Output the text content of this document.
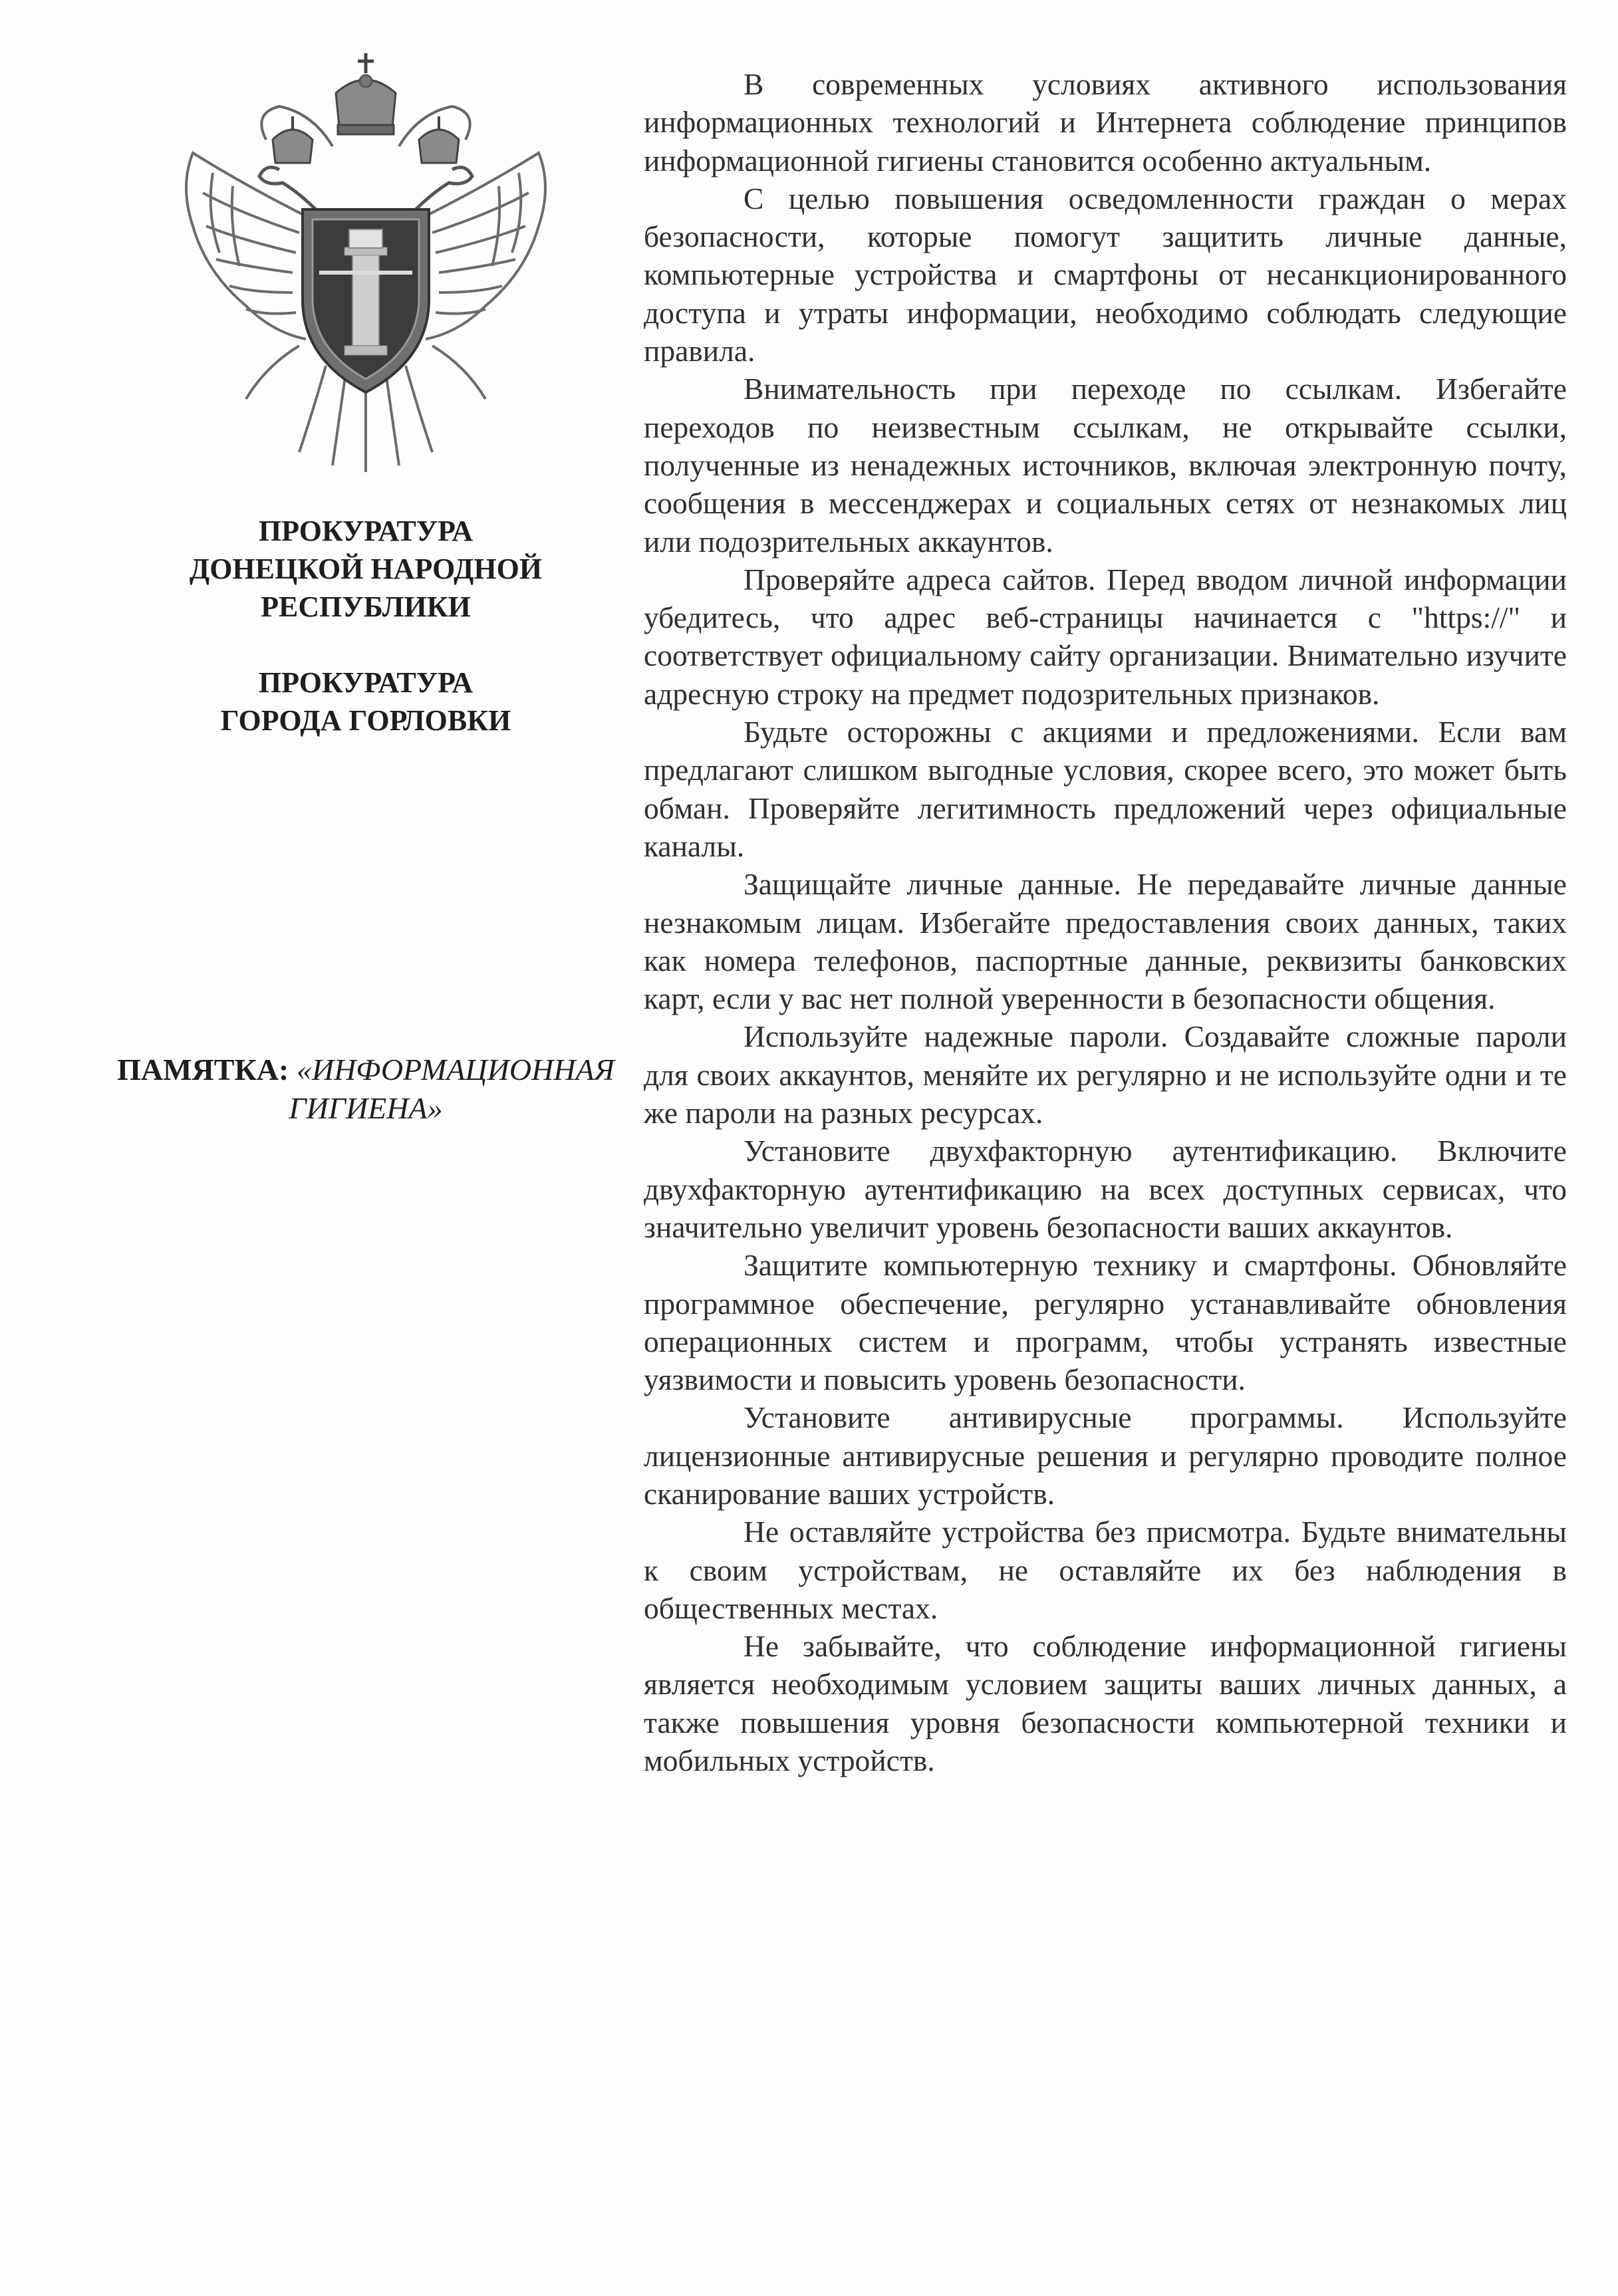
ПРОКУРАТУРА
ДОНЕЦКОЙ НАРОДНОЙ
РЕСПУБЛИКИ
ПРОКУРАТУРА
ГОРОДА ГОРЛОВКИ
ПАМЯТКА: «ИНФОРМАЦИОННАЯ
ГИГИЕНА»

В современных условиях активного использования информационных технологий и Интернета соблюдение принципов информационной гигиены становится особенно актуальным.

С целью повышения осведомленности граждан о мерах безопасности, которые помогут защитить личные данные, компьютерные устройства и смартфоны от несанкционированного доступа и утраты информации, необходимо соблюдать следующие правила.

Внимательность при переходе по ссылкам. Избегайте переходов по неизвестным ссылкам, не открывайте ссылки, полученные из ненадежных источников, включая электронную почту, сообщения в мессенджерах и социальных сетях от незнакомых лиц или подозрительных аккаунтов.

Проверяйте адреса сайтов. Перед вводом личной информации убедитесь, что адрес веб-страницы начинается с "https://" и соответствует официальному сайту организации. Внимательно изучите адресную строку на предмет подозрительных признаков.

Будьте осторожны с акциями и предложениями. Если вам предлагают слишком выгодные условия, скорее всего, это может быть обман. Проверяйте легитимность предложений через официальные каналы.

Защищайте личные данные. Не передавайте личные данные незнакомым лицам. Избегайте предоставления своих данных, таких как номера телефонов, паспортные данные, реквизиты банковских карт, если у вас нет полной уверенности в безопасности общения.

Используйте надежные пароли. Создавайте сложные пароли для своих аккаунтов, меняйте их регулярно и не используйте одни и те же пароли на разных ресурсах.

Установите двухфакторную аутентификацию. Включите двухфакторную аутентификацию на всех доступных сервисах, что значительно увеличит уровень безопасности ваших аккаунтов.

Защитите компьютерную технику и смартфоны. Обновляйте программное обеспечение, регулярно устанавливайте обновления операционных систем и программ, чтобы устранять известные уязвимости и повысить уровень безопасности.

Установите антивирусные программы. Используйте лицензионные антивирусные решения и регулярно проводите полное сканирование ваших устройств.

Не оставляйте устройства без присмотра. Будьте внимательны к своим устройствам, не оставляйте их без наблюдения в общественных местах.

Не забывайте, что соблюдение информационной гигиены является необходимым условием защиты ваших личных данных, а также повышения уровня безопасности компьютерной техники и мобильных устройств.
